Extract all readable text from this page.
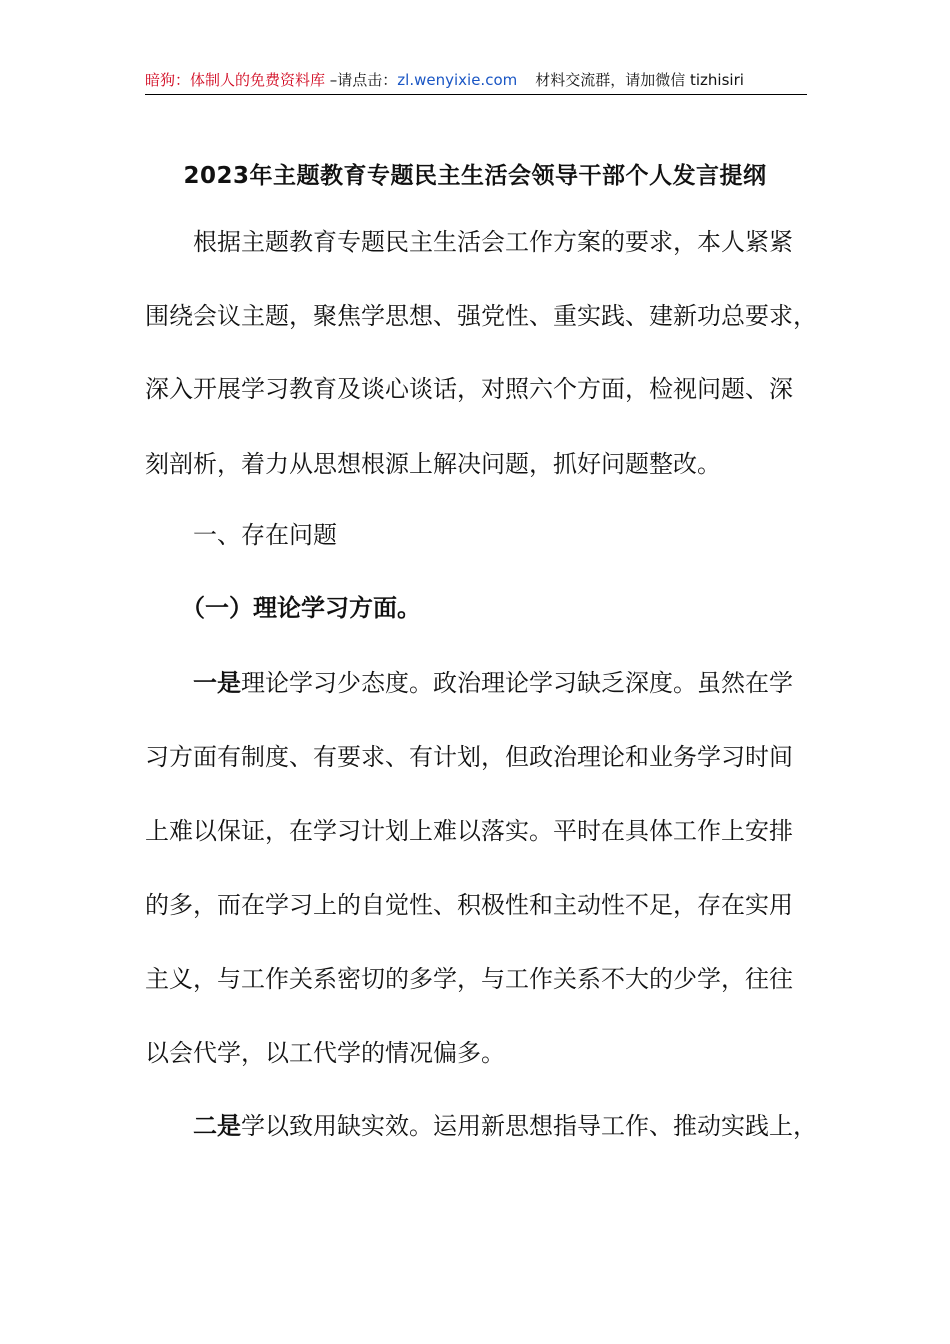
暗狗：体制人的免费资料库 –请点击：zl.wenyixie.com 材料交流群，请加微信 tizhisiri
2023年主题教育专题民主生活会领导干部个人发言提纲
　　根据主题教育专题民主生活会工作方案的要求，本人紧紧
围绕会议主题，聚焦学思想、强党性、重实践、建新功总要求，
深入开展学习教育及谈心谈话，对照六个方面，检视问题、深
刻剖析，着力从思想根源上解决问题，抓好问题整改。
　　一、存在问题
　　（一）理论学习方面。
　　一是理论学习少态度。政治理论学习缺乏深度。虽然在学
习方面有制度、有要求、有计划，但政治理论和业务学习时间
上难以保证，在学习计划上难以落实。平时在具体工作上安排
的多，而在学习上的自觉性、积极性和主动性不足，存在实用
主义，与工作关系密切的多学，与工作关系不大的少学，往往
以会代学，以工代学的情况偏多。
　　二是学以致用缺实效。运用新思想指导工作、推动实践上，
